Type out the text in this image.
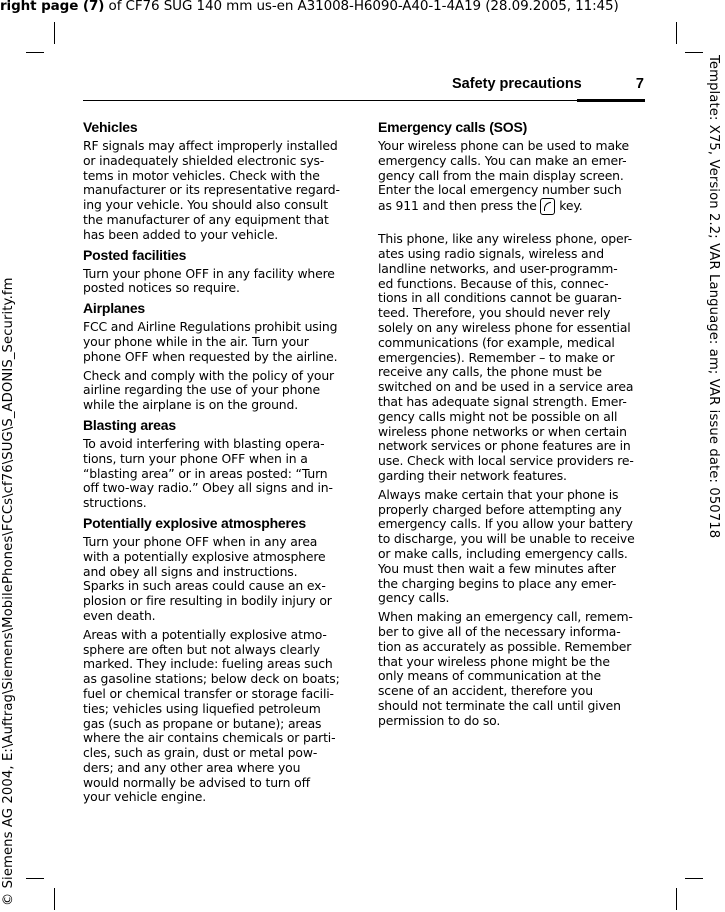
right page (7) of CF76 SUG 140 mm us-en A31008-H6090-A40-1-4A19 (28.09.2005, 11:45)
Template: X75, Version 2.2; VAR Language: am; VAR issue date: 050718
© Siemens AG 2004, E:\Auftrag\Siemens\MobilePhones\FCCs\cf76\SUG\S_ADONIS_Security.fm
Safety precautions	7
Vehicles

RF signals may affect improperly installed
or inadequately shielded electronic sys-
tems in motor vehicles. Check with the
manufacturer or its representative regard-
ing your vehicle. You should also consult
the manufacturer of any equipment that
has been added to your vehicle.

Posted facilities

Turn your phone OFF in any facility where
posted notices so require.

Airplanes

FCC and Airline Regulations prohibit using
your phone while in the air. Turn your
phone OFF when requested by the airline.

Check and comply with the policy of your
airline regarding the use of your phone
while the airplane is on the ground.

Blasting areas

To avoid interfering with blasting opera-
tions, turn your phone OFF when in a
“blasting area” or in areas posted: “Turn
off two-way radio.” Obey all signs and in-
structions.

Potentially explosive atmospheres

Turn your phone OFF when in any area
with a potentially explosive atmosphere
and obey all signs and instructions.
Sparks in such areas could cause an ex-
plosion or fire resulting in bodily injury or
even death.

Areas with a potentially explosive atmo-
sphere are often but not always clearly
marked. They include: fueling areas such
as gasoline stations; below deck on boats;
fuel or chemical transfer or storage facili-
ties; vehicles using liquefied petroleum
gas (such as propane or butane); areas
where the air contains chemicals or parti-
cles, such as grain, dust or metal pow-
ders; and any other area where you
would normally be advised to turn off
your vehicle engine.

Emergency calls (SOS)

Your wireless phone can be used to make
emergency calls. You can make an emer-
gency call from the main display screen.
Enter the local emergency number such
as 911 and then press the  key.

This phone, like any wireless phone, oper-
ates using radio signals, wireless and
landline networks, and user-programm-
ed functions. Because of this, connec-
tions in all conditions cannot be guaran-
teed. Therefore, you should never rely
solely on any wireless phone for essential
communications (for example, medical
emergencies). Remember – to make or
receive any calls, the phone must be
switched on and be used in a service area
that has adequate signal strength. Emer-
gency calls might not be possible on all
wireless phone networks or when certain
network services or phone features are in
use. Check with local service providers re-
garding their network features.

Always make certain that your phone is
properly charged before attempting any
emergency calls. If you allow your battery
to discharge, you will be unable to receive
or make calls, including emergency calls.
You must then wait a few minutes after
the charging begins to place any emer-
gency calls.

When making an emergency call, remem-
ber to give all of the necessary informa-
tion as accurately as possible. Remember
that your wireless phone might be the
only means of communication at the
scene of an accident, therefore you
should not terminate the call until given
permission to do so.
